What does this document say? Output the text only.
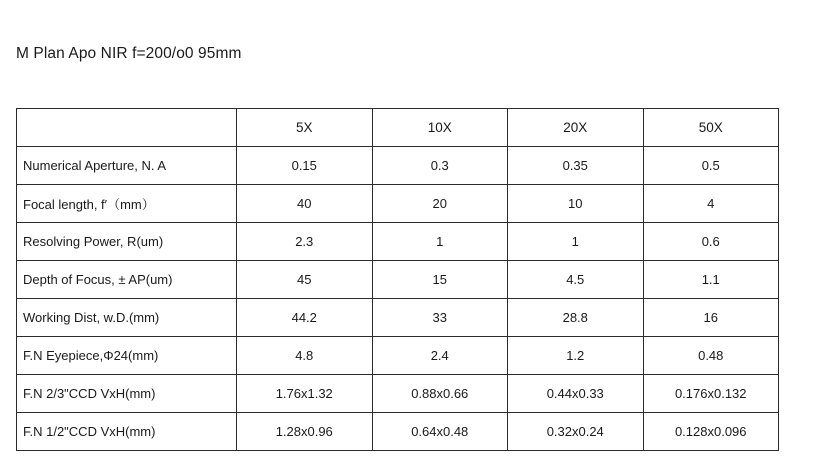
M Plan Apo NIR f=200/o0 95mm
	5X	10X	20X	50X
Numerical Aperture, N. A	0.15	0.3	0.35	0.5
Focal length, f′（mm）	40	20	10	4
Resolving Power, R(um)	2.3	1	1	0.6
Depth of Focus, ± AP(um)	45	15	4.5	1.1
Working Dist, w.D.(mm)	44.2	33	28.8	16
F.N Eyepiece,Φ24(mm)	4.8	2.4	1.2	0.48
F.N 2/3"CCD VxH(mm)	1.76x1.32	0.88x0.66	0.44x0.33	0.176x0.132
F.N 1/2"CCD VxH(mm)	1.28x0.96	0.64x0.48	0.32x0.24	0.128x0.096
